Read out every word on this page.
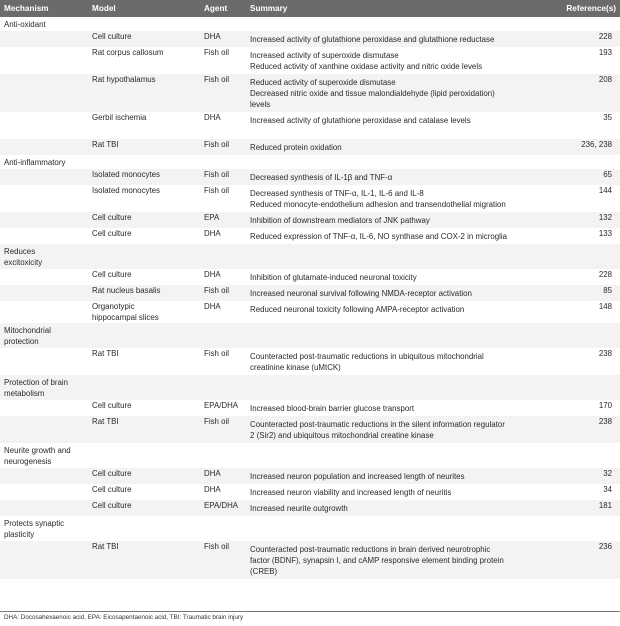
Mechanism	Model	Agent	Summary	Reference(s)

Anti-oxidant				

	Cell culture	DHA	Increased activity of glutathione peroxidase and glutathione reductase	228

	Rat corpus callosum	Fish oil	Increased activity of superoxide dismutase
Reduced activity of xanthine oxidase activity and nitric oxide levels	193

	Rat hypothalamus	Fish oil	Reduced activity of superoxide dismutase
Decreased nitric oxide and tissue malondialdehyde (lipid peroxidation)
levels	208

	Gerbil ischemia	DHA	Increased activity of glutathione peroxidase and catalase levels	35

	Rat TBI	Fish oil	Reduced protein oxidation	236, 238

Anti-inflammatory				

	Isolated monocytes	Fish oil	Decreased synthesis of IL-1β and TNF-α	65

	Isolated monocytes	Fish oil	Decreased synthesis of TNF-α, IL-1, IL-6 and IL-8
Reduced monocyte-endothelium adhesion and transendothelial migration	144

	Cell culture	EPA	Inhibition of downstream mediators of JNK pathway	132

	Cell culture	DHA	Reduced expression of TNF-α, IL-6, NO synthase and COX-2 in microglia	133

Reduces
excitoxicity				

	Cell culture	DHA	Inhibition of glutamate-induced neuronal toxicity	228

	Rat nucleus basalis	Fish oil	Increased neuronal survival following NMDA-receptor activation	85

	Organotypic
hippocampal slices	DHA	Reduced neuronal toxicity following AMPA-receptor activation	148

Mitochondrial
protection				

	Rat TBI	Fish oil	Counteracted post-traumatic reductions in ubiquitous mitochondrial
creatinine kinase (uMtCK)	238

Protection of brain
metabolism				

	Cell culture	EPA/DHA	Increased blood-brain barrier glucose transport	170

	Rat TBI	Fish oil	Counteracted post-traumatic reductions in the silent information regulator
2 (Sir2) and ubiquitous mitochondrial creatine kinase	238

Neurite growth and
neurogenesis				

	Cell culture	DHA	Increased neuron population and increased length of neurites	32

	Cell culture	DHA	Increased neuron viability and increased length of neuritis	34

	Cell culture	EPA/DHA	Increased neurite outgrowth	181

Protects synaptic
plasticity				

	Rat TBI	Fish oil	Counteracted post-traumatic reductions in brain derived neurotrophic
factor (BDNF), synapsin I, and cAMP responsive element binding protein
(CREB)	236
DHA: Docosahexaenoic acid, EPA: Eicosapentaenoic acid, TBI: Traumatic brain injury
